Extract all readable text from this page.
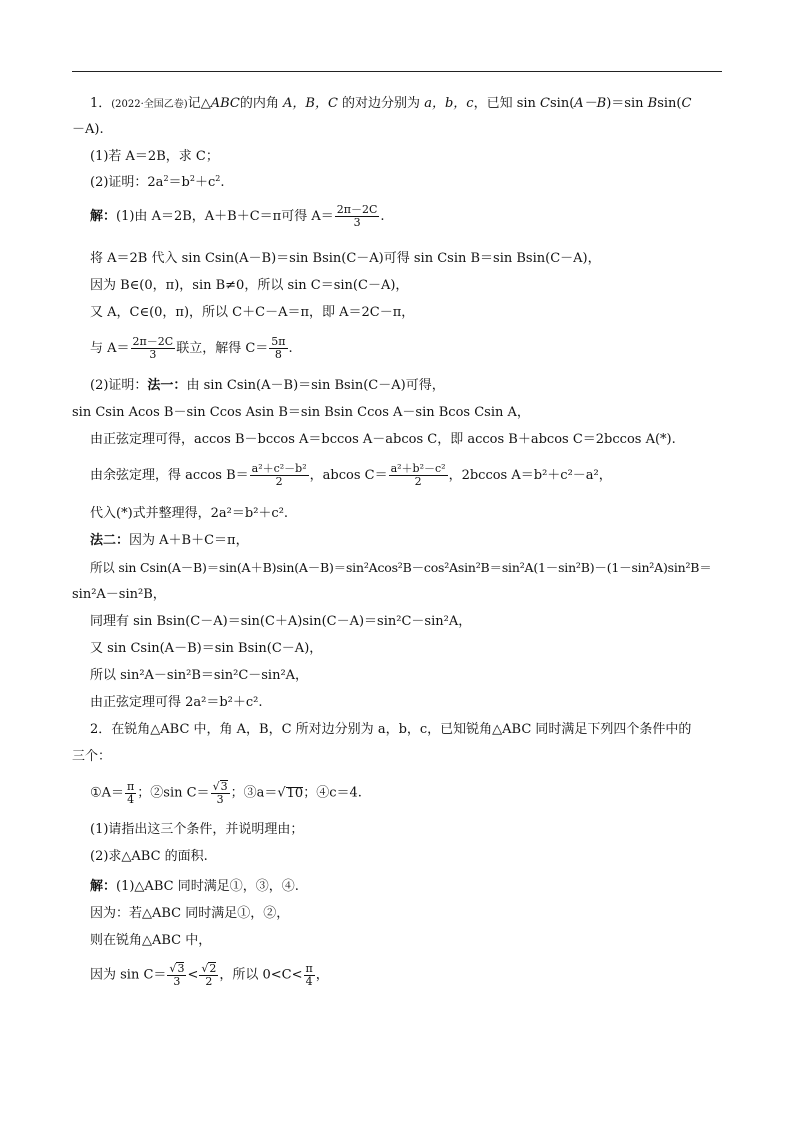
1．(2022·全国乙卷)记△ABC的内角 A，B，C 的对边分别为 a，b，c，已知 sin Csin(A－B)＝sin Bsin(C
－A).
(1)若 A＝2B，求 C；
(2)证明：$2a^2=b^2+c^2$.
解：(1)由 A＝2B，A＋B＋C＝π可得 $A= \frac{2\pi-2C}{3}$ .
将 A＝2B 代入 sin Csin(A－B)＝sin Bsin(C－A)可得 sin Csin B＝sin Bsin(C－A)，
因为 B∈(0，π)，sin B≠0，所以 sin C＝sin(C－A)，
又 A，C∈(0，π)，所以 C＋C－A＝π，即 A＝2C－π，
与 $A= \frac{2\pi-2C}{3}$ 联立，解得 $C= \frac{5\pi}{8}$ .
(2)证明：法一：由 sin Csin(A－B)＝sin Bsin(C－A)可得，
sin Csin Acos B－sin Ccos Asin B＝sin Bsin Ccos A－sin Bcos Csin A，
由正弦定理可得，accos B－bccos A＝bccos A－abcos C，即 accos B＋abcos C＝2bccos A(*).
由余弦定理，得 accos $B= \frac{\text{a²＋c²－b²}}{2}$ ，abcos $C= \frac{\text{a²＋b²－c²}}{2}$ ，2bccos A＝b²＋c²－a²，
代入(*)式并整理得，2a²＝b²＋c².
法二：因为 A＋B＋C＝π，
所以 sin Csin(A－B)＝sin(A＋B)sin(A－B)＝sin²Acos²B－cos²Asin²B＝sin²A(1－sin²B)－(1－sin²A)sin²B＝
sin²A－sin²B，
同理有 sin Bsin(C－A)＝sin(C＋A)sin(C－A)＝sin²C－sin²A，
又 sin Csin(A－B)＝sin Bsin(C－A)，
所以 sin²A－sin²B＝sin²C－sin²A，
由正弦定理可得 2a²＝b²＋c².
2．在锐角△ABC 中，角 A，B，C 所对边分别为 a，b，c，已知锐角△ABC 同时满足下列四个条件中的
三个：
①A＝ $\frac{\pi}{4}$ ；②sin $C= \frac{√3}{3}$ ；③a＝√10；④c＝4.
(1)请指出这三个条件，并说明理由；
(2)求△ABC 的面积.
解：(1)△ABC 同时满足①，③，④.
因为：若△ABC 同时满足①，②，
则在锐角△ABC 中，
因为 $\sin C= \frac{√3}{3} < \frac{√2}{2}$ ，所以 $0<C< \frac{\pi}{4}$ ，
